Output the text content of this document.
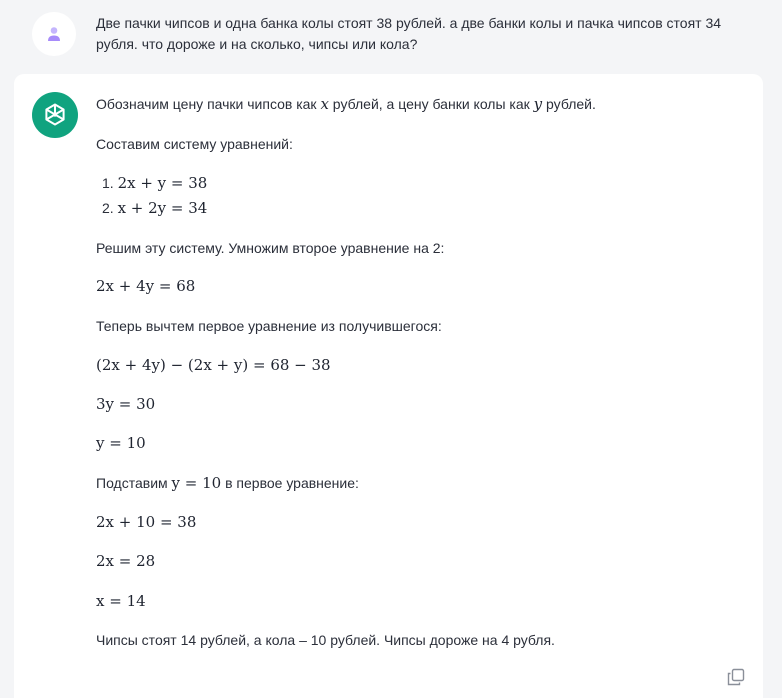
Две пачки чипсов и одна банка колы стоят 38 рублей. а две банки колы и пачка чипсов стоят 34 рубля. что дороже и на сколько, чипсы или кола?
Обозначим цену пачки чипсов как x рублей, а цену банки колы как y рублей.
Составим систему уравнений:
1. 2x + y = 38
2. x + 2y = 34
Решим эту систему. Умножим второе уравнение на 2:
2x + 4y = 68
Теперь вычтем первое уравнение из получившегося:
(2x + 4y) − (2x + y) = 68 − 38
3y = 30
y = 10
Подставим y = 10 в первое уравнение:
2x + 10 = 38
2x = 28
x = 14
Чипсы стоят 14 рублей, а кола – 10 рублей. Чипсы дороже на 4 рубля.
